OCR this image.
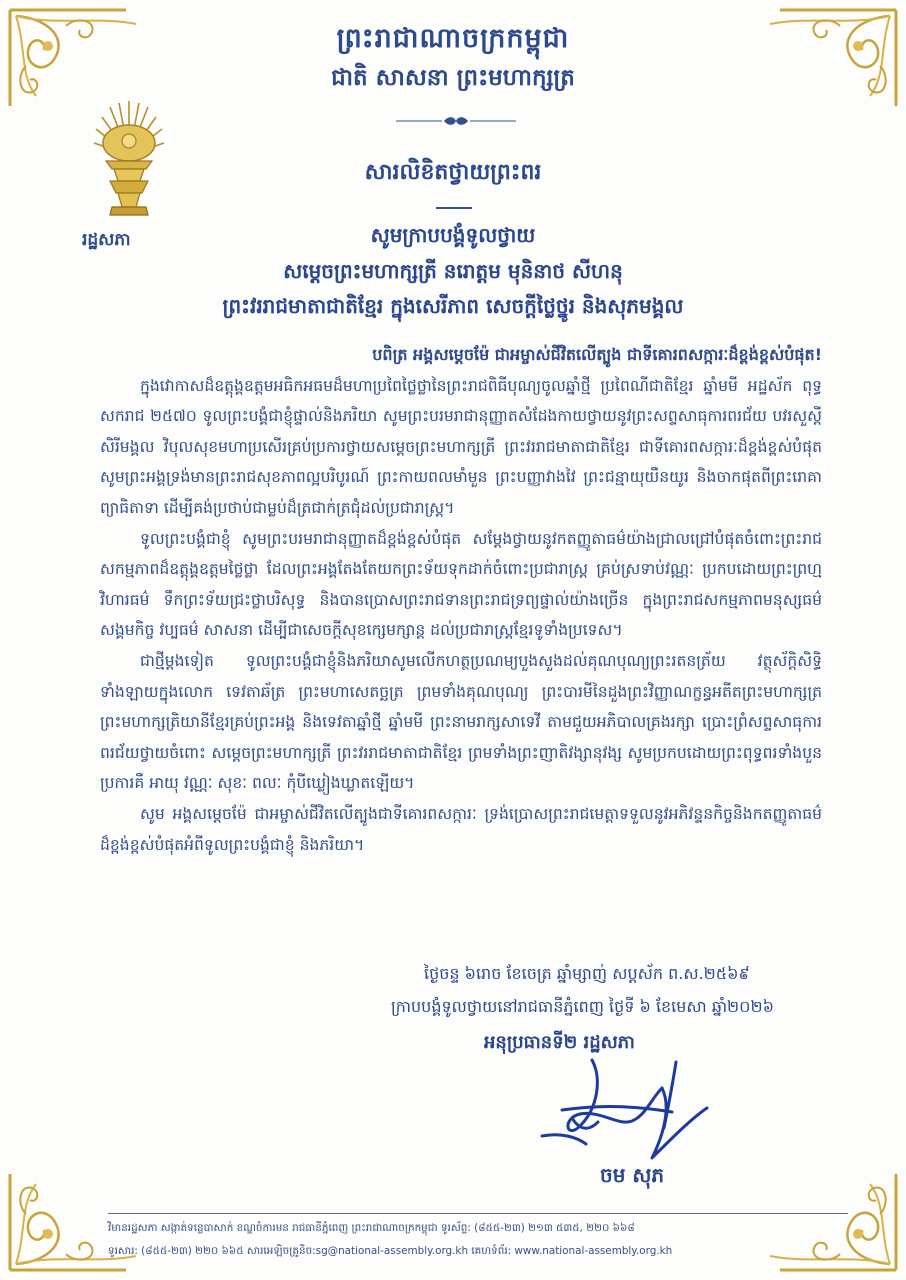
ព្រះរាជាណាចក្រកម្ពុជា
ជាតិ សាសនា ព្រះមហាក្សត្រ
រដ្ឋសភា
សារលិខិតថ្វាយព្រះពរ
សូមក្រាបបង្គំទូលថ្វាយ
សម្តេចព្រះមហាក្សត្រី នរោត្តម មុនិនាថ សីហនុ
ព្រះវររាជមាតាជាតិខ្មែរ ក្នុងសេរីភាព សេចក្តីថ្លៃថ្នូរ និងសុភមង្គល

បពិត្រ អង្គសម្តេចម៉ែ ជាអម្ចាស់ជីវិតលើត្បូង ជាទីគោរពសក្ការៈដ៏ខ្ពង់ខ្ពស់បំផុត!

ក្នុងវោកាសដ៏ឧត្តុង្គឧត្តមអធិកអធមដ៏មហាប្រពៃថ្លៃថ្លានៃព្រះរាជពិធីបុណ្យចូលឆ្នាំថ្មី ប្រពៃណីជាតិខ្មែរ ឆ្នាំមមី អដ្ឋស័ក ពុទ្ធសករាជ ២៥៧០ ទូលព្រះបង្គំជាខ្ញុំផ្ទាល់និងភរិយា សូមព្រះបរមរាជានុញ្ញាតសំដែងកាយថ្វាយនូវព្រះសព្ទសាធុការពរជ័យ បវរសួស្តី សិរីមង្គល វិបុលសុខមហាប្រសើរគ្រប់ប្រការថ្វាយសម្តេចព្រះមហាក្សត្រី ព្រះវររាជមាតាជាតិខ្មែរ ជាទីគោរពសក្ការៈដ៏ខ្ពង់ខ្ពស់បំផុត សូមព្រះអង្គទ្រង់មានព្រះរាជសុខភាពល្អបរិបូរណ៍ ព្រះកាយពលមាំមួន ព្រះបញ្ញាវាងវៃ ព្រះជន្មាយុយឺនយូរ និងចាកផុតពីព្រះរោគាព្យាធិតាទា ដើម្បីគង់ប្រថាប់ជាម្លប់ដ៏ត្រជាក់ត្រជុំដល់ប្រជារាស្ត្រ។

ទូលព្រះបង្គំជាខ្ញុំ សូមព្រះបរមរាជានុញ្ញាតដ៏ខ្ពង់ខ្ពស់បំផុត សម្តែងថ្វាយនូវកតញ្ញូតាធម៌យ៉ាងជ្រាលជ្រៅបំផុតចំពោះព្រះរាជសកម្មភាពដ៏ឧត្តុង្គឧត្តមថ្លៃថ្លា ដែលព្រះអង្គតែងតែយកព្រះទ័យទុកដាក់ចំពោះប្រជារាស្ត្រ គ្រប់ស្រទាប់វណ្ណៈ ប្រកបដោយព្រះព្រហ្មវិហារធម៌ ទឹកព្រះទ័យជ្រះថ្លាបរិសុទ្ធ និងបានប្រោសព្រះរាជទានព្រះរាជទ្រព្យផ្ទាល់យ៉ាងច្រើន ក្នុងព្រះរាជសកម្មភាពមនុស្សធម៌ សង្គមកិច្ច វប្បធម៌ សាសនា ដើម្បីជាសេចក្តីសុខក្សេមក្សាន្ត ដល់ប្រជារាស្ត្រខ្មែរទូទាំងប្រទេស។

ជាថ្មីម្តងទៀត ទូលព្រះបង្គំជាខ្ញុំនិងភរិយាសូមលើកហត្ថប្រណម្យបួងសួងដល់គុណបុណ្យព្រះរតនត្រ័យ វត្ថុស័ក្តិសិទ្ធិទាំងឡាយក្នុងលោក ទេវតាឆ័ត្រ ព្រះមហាសេតច្ឆត្រ ព្រមទាំងគុណបុណ្យ ព្រះបារមីនៃដួងព្រះវិញ្ញាណក្ខន្ធអតីតព្រះមហាក្សត្រ ព្រះមហាក្សត្រិយានីខ្មែរគ្រប់ព្រះអង្គ និងទេវតាឆ្នាំថ្មី ឆ្នាំមមី ព្រះនាមរាក្សសាទេវី តាមជួយអភិបាលគ្រងរក្សា ប្រោះព្រំសព្ទសាធុការពរជ័យថ្វាយចំពោះ សម្តេចព្រះមហាក្សត្រី ព្រះវររាជមាតាជាតិខ្មែរ ព្រមទាំងព្រះញាតិវង្សានុវង្ស សូមប្រកបដោយព្រះពុទ្ធពរទាំងបួនប្រការគឺ អាយុ វណ្ណៈ សុខៈ ពលៈ កុំបីឃ្លៀងឃ្លាតឡើយ។

សូម អង្គសម្តេចម៉ែ ជាអម្ចាស់ជីវិតលើត្បូងជាទីគោរពសក្ការៈ ទ្រង់ប្រោសព្រះរាជមេត្តាទទួលនូវអភិវន្ទនកិច្ចនិងកតញ្ញូតាធម៌ដ៏ខ្ពង់ខ្ពស់បំផុតអំពីទូលព្រះបង្គំជាខ្ញុំ និងភរិយា។

ថ្ងៃចន្ទ ៦រោច ខែចេត្រ ឆ្នាំម្សាញ់ សប្តស័ក ព.ស.២៥៦៩
ក្រាបបង្គំទូលថ្វាយនៅរាជធានីភ្នំពេញ ថ្ងៃទី ៦ ខែមេសា ឆ្នាំ២០២៦
អនុប្រធានទី២ រដ្ឋសភា
ចម សុភ
វិមានរដ្ឋសភា សង្កាត់ទន្លេបាសាក់ ខណ្ឌចំការមន រាជធានីភ្នំពេញ ព្រះរាជាណាចក្រកម្ពុជា ទូរស័ព្ទ: (៨៥៥-២៣) ២១៣ ៥៣៥, ២២០ ៦៦៨
ទូរសារ: (៨៥៥-២៣) ២២០ ៦៦៥ សារអេឡិចត្រូនិច:sg@national-assembly.org.kh គេហទំព័រ: www.national-assembly.org.kh
